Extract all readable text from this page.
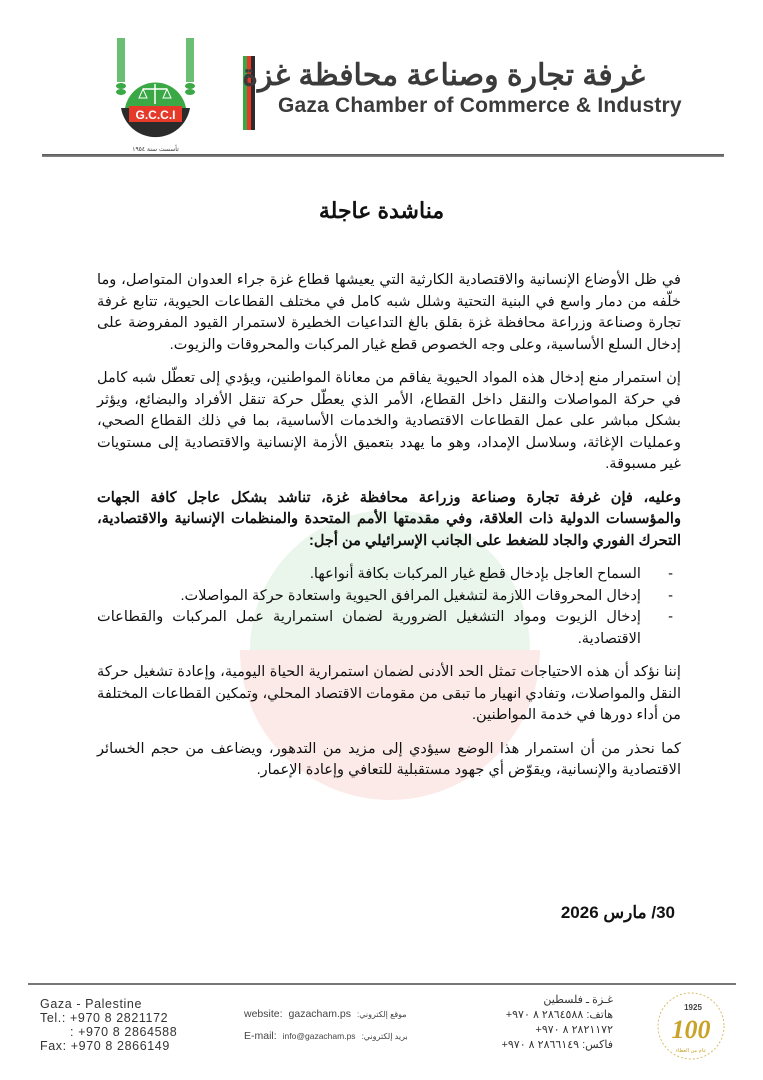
G.C.C.I
تأسست سنة ١٩٥٤
غرفة تجارة وصناعة محافظة غزة
Gaza Chamber of Commerce & Industry
مناشدة عاجلة

في ظل الأوضاع الإنسانية والاقتصادية الكارثية التي يعيشها قطاع غزة جراء العدوان المتواصل، وما خلّفه من دمار واسع في البنية التحتية وشلل شبه كامل في مختلف القطاعات الحيوية، تتابع غرفة تجارة وصناعة وزراعة محافظة غزة بقلق بالغ التداعيات الخطيرة لاستمرار القيود المفروضة على إدخال السلع الأساسية، وعلى وجه الخصوص قطع غيار المركبات والمحروقات والزيوت.

إن استمرار منع إدخال هذه المواد الحيوية يفاقم من معاناة المواطنين، ويؤدي إلى تعطّل شبه كامل في حركة المواصلات والنقل داخل القطاع، الأمر الذي يعطّل حركة تنقل الأفراد والبضائع، ويؤثر بشكل مباشر على عمل القطاعات الاقتصادية والخدمات الأساسية، بما في ذلك القطاع الصحي، وعمليات الإغاثة، وسلاسل الإمداد، وهو ما يهدد بتعميق الأزمة الإنسانية والاقتصادية إلى مستويات غير مسبوقة.

وعليه، فإن غرفة تجارة وصناعة وزراعة محافظة غزة، تناشد بشكل عاجل كافة الجهات والمؤسسات الدولية ذات العلاقة، وفي مقدمتها الأمم المتحدة والمنظمات الإنسانية والاقتصادية، التحرك الفوري والجاد للضغط على الجانب الإسرائيلي من أجل:

-
السماح العاجل بإدخال قطع غيار المركبات بكافة أنواعها.
-
إدخال المحروقات اللازمة لتشغيل المرافق الحيوية واستعادة حركة المواصلات.
-
إدخال الزيوت ومواد التشغيل الضرورية لضمان استمرارية عمل المركبات والقطاعات الاقتصادية.

إننا نؤكد أن هذه الاحتياجات تمثل الحد الأدنى لضمان استمرارية الحياة اليومية، وإعادة تشغيل حركة النقل والمواصلات، وتفادي انهيار ما تبقى من مقومات الاقتصاد المحلي، وتمكين القطاعات المختلفة من أداء دورها في خدمة المواطنين.

كما نحذر من أن استمرار هذا الوضع سيؤدي إلى مزيد من التدهور، ويضاعف من حجم الخسائر الاقتصادية والإنسانية، ويقوّض أي جهود مستقبلية للتعافي وإعادة الإعمار.

30/ مارس 2026
Gaza - Palestine
Tel.: +970 8 2821172
: +970 8 2864588
Fax: +970 8 2866149
website: gazacham.ps موقع إلكتروني:
E-mail: info@gazacham.ps بريد إلكتروني:
غـزة ـ فلسطين
هاتف: ٢٨٦٤٥٨٨ ٨ ٩٧٠+
٢٨٢١١٧٢ ٨ ٩٧٠+
فاكس: ٢٨٦٦١٤٩ ٨ ٩٧٠+
1925
100
عام من العطاء
